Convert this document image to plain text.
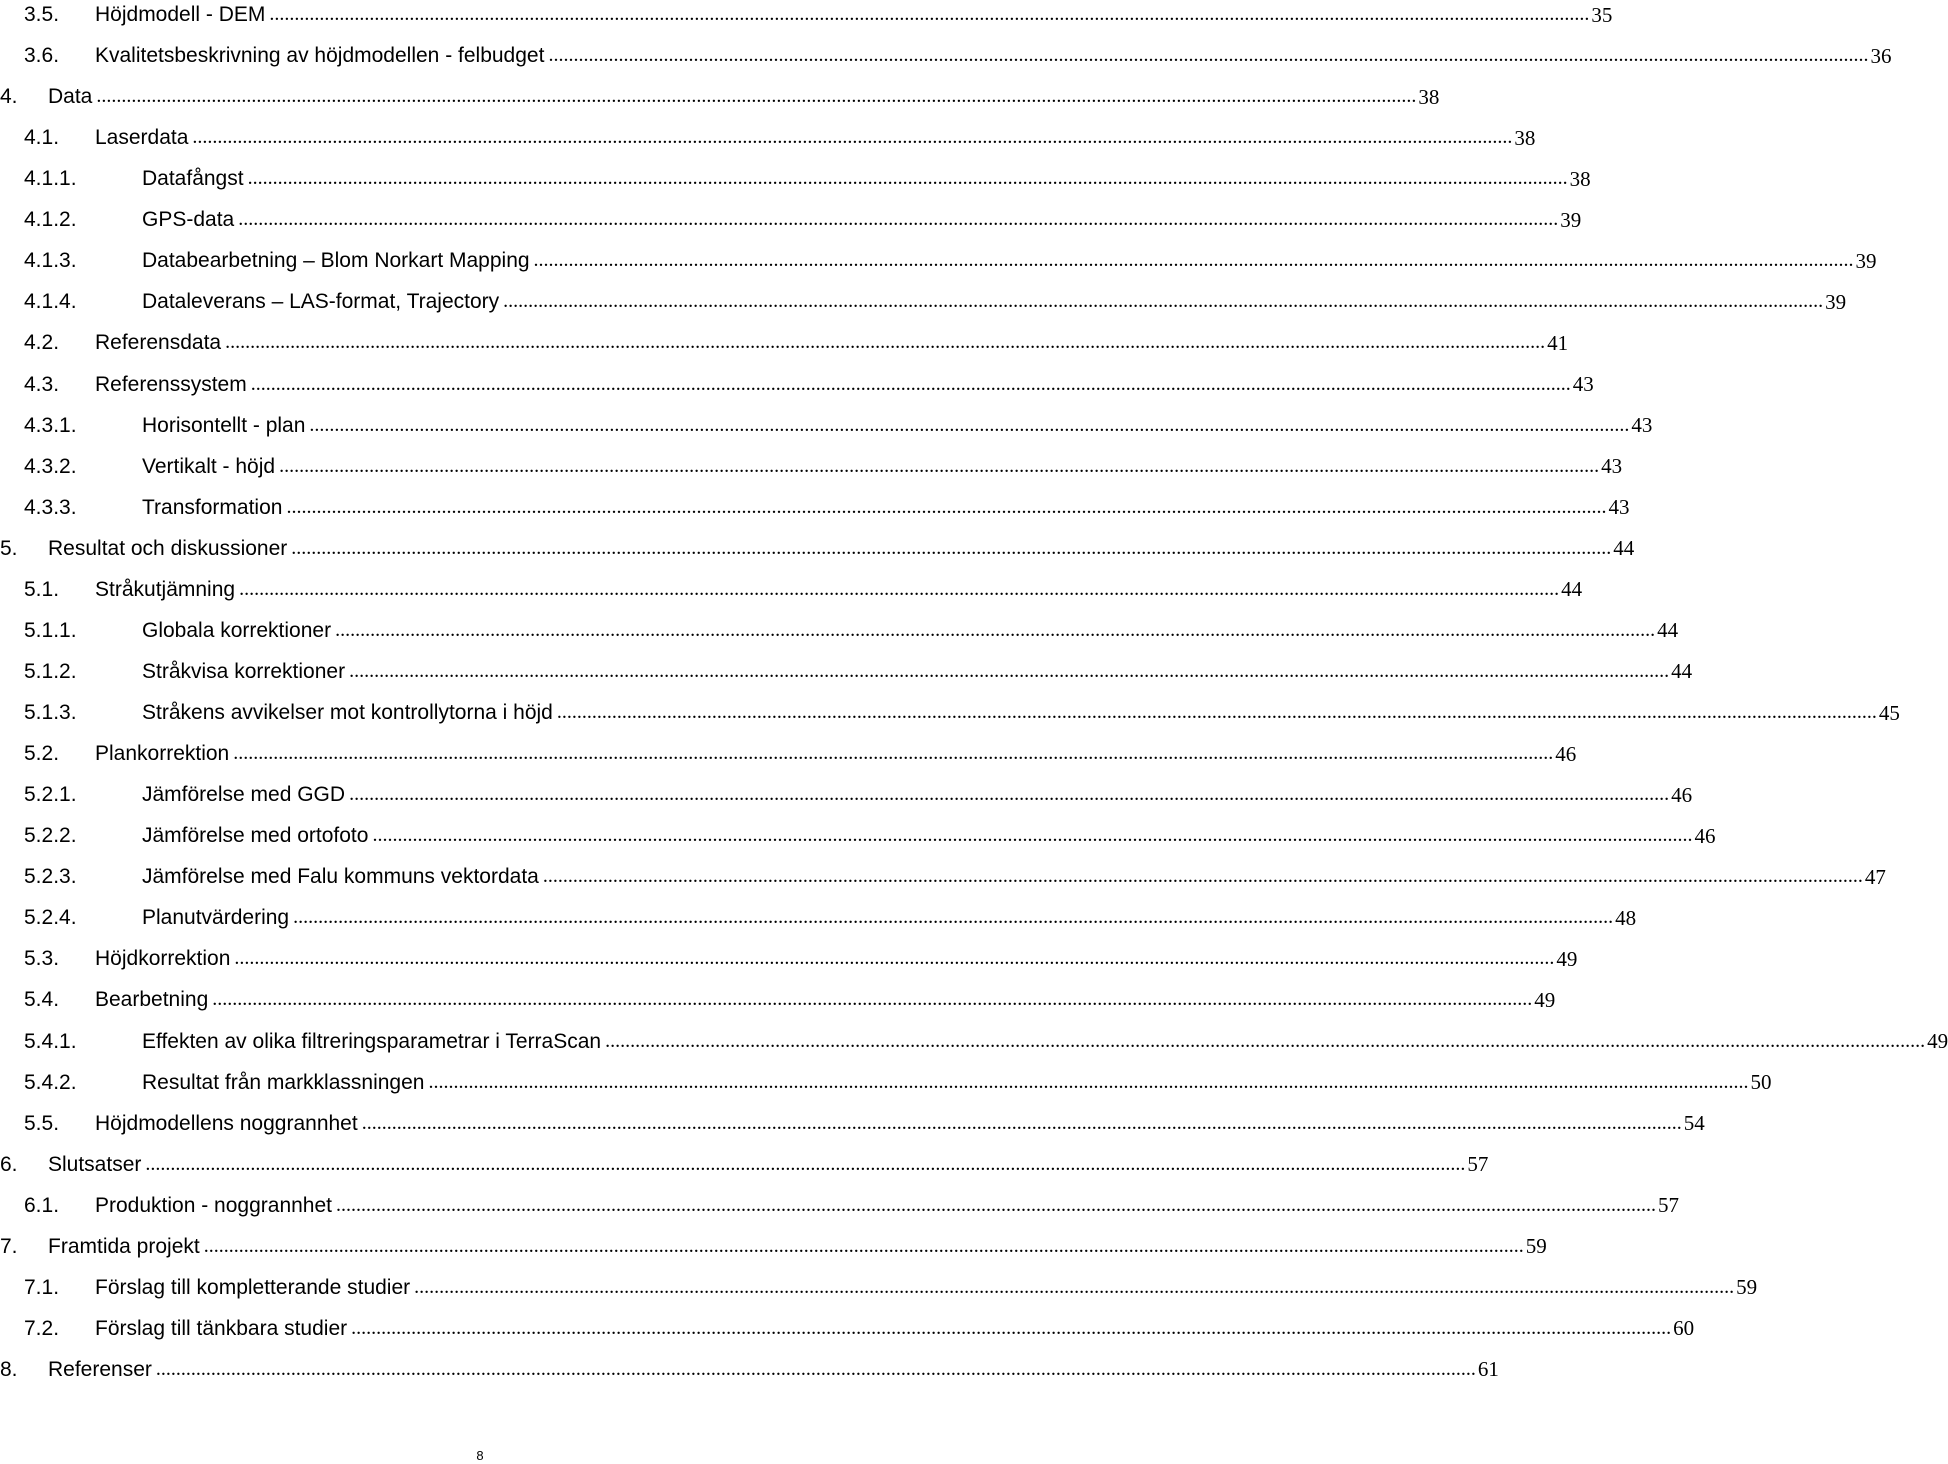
3.5.	Höjdmodell - DEM .....	35
3.6.	Kvalitetsbeskrivning av höjdmodellen - felbudget .....	36
4.	Data .....	38
4.1.	Laserdata .....	38
4.1.1.	Datafångst .....	38
4.1.2.	GPS-data .....	39
4.1.3.	Databearbetning – Blom Norkart Mapping .....	39
4.1.4.	Dataleverans – LAS-format, Trajectory .....	39
4.2.	Referensdata .....	41
4.3.	Referenssystem .....	43
4.3.1.	Horisontellt - plan .....	43
4.3.2.	Vertikalt - höjd .....	43
4.3.3.	Transformation .....	43
5.	Resultat och diskussioner .....	44
5.1.	Stråkutjämning .....	44
5.1.1.	Globala korrektioner .....	44
5.1.2.	Stråkvisa korrektioner .....	44
5.1.3.	Stråkens avvikelser mot kontrollytorna i höjd .....	45
5.2.	Plankorrektion .....	46
5.2.1.	Jämförelse med GGD .....	46
5.2.2.	Jämförelse med ortofoto .....	46
5.2.3.	Jämförelse med Falu kommuns vektordata .....	47
5.2.4.	Planutvärdering .....	48
5.3.	Höjdkorrektion .....	49
5.4.	Bearbetning .....	49
5.4.1.	Effekten av olika filtreringsparametrar i TerraScan .....	49
5.4.2.	Resultat från markklassningen .....	50
5.5.	Höjdmodellens noggrannhet .....	54
6.	Slutsatser .....	57
6.1.	Produktion - noggrannhet .....	57
7.	Framtida projekt .....	59
7.1.	Förslag till kompletterande studier .....	59
7.2.	Förslag till tänkbara studier .....	60
8.	Referenser .....	61
8
